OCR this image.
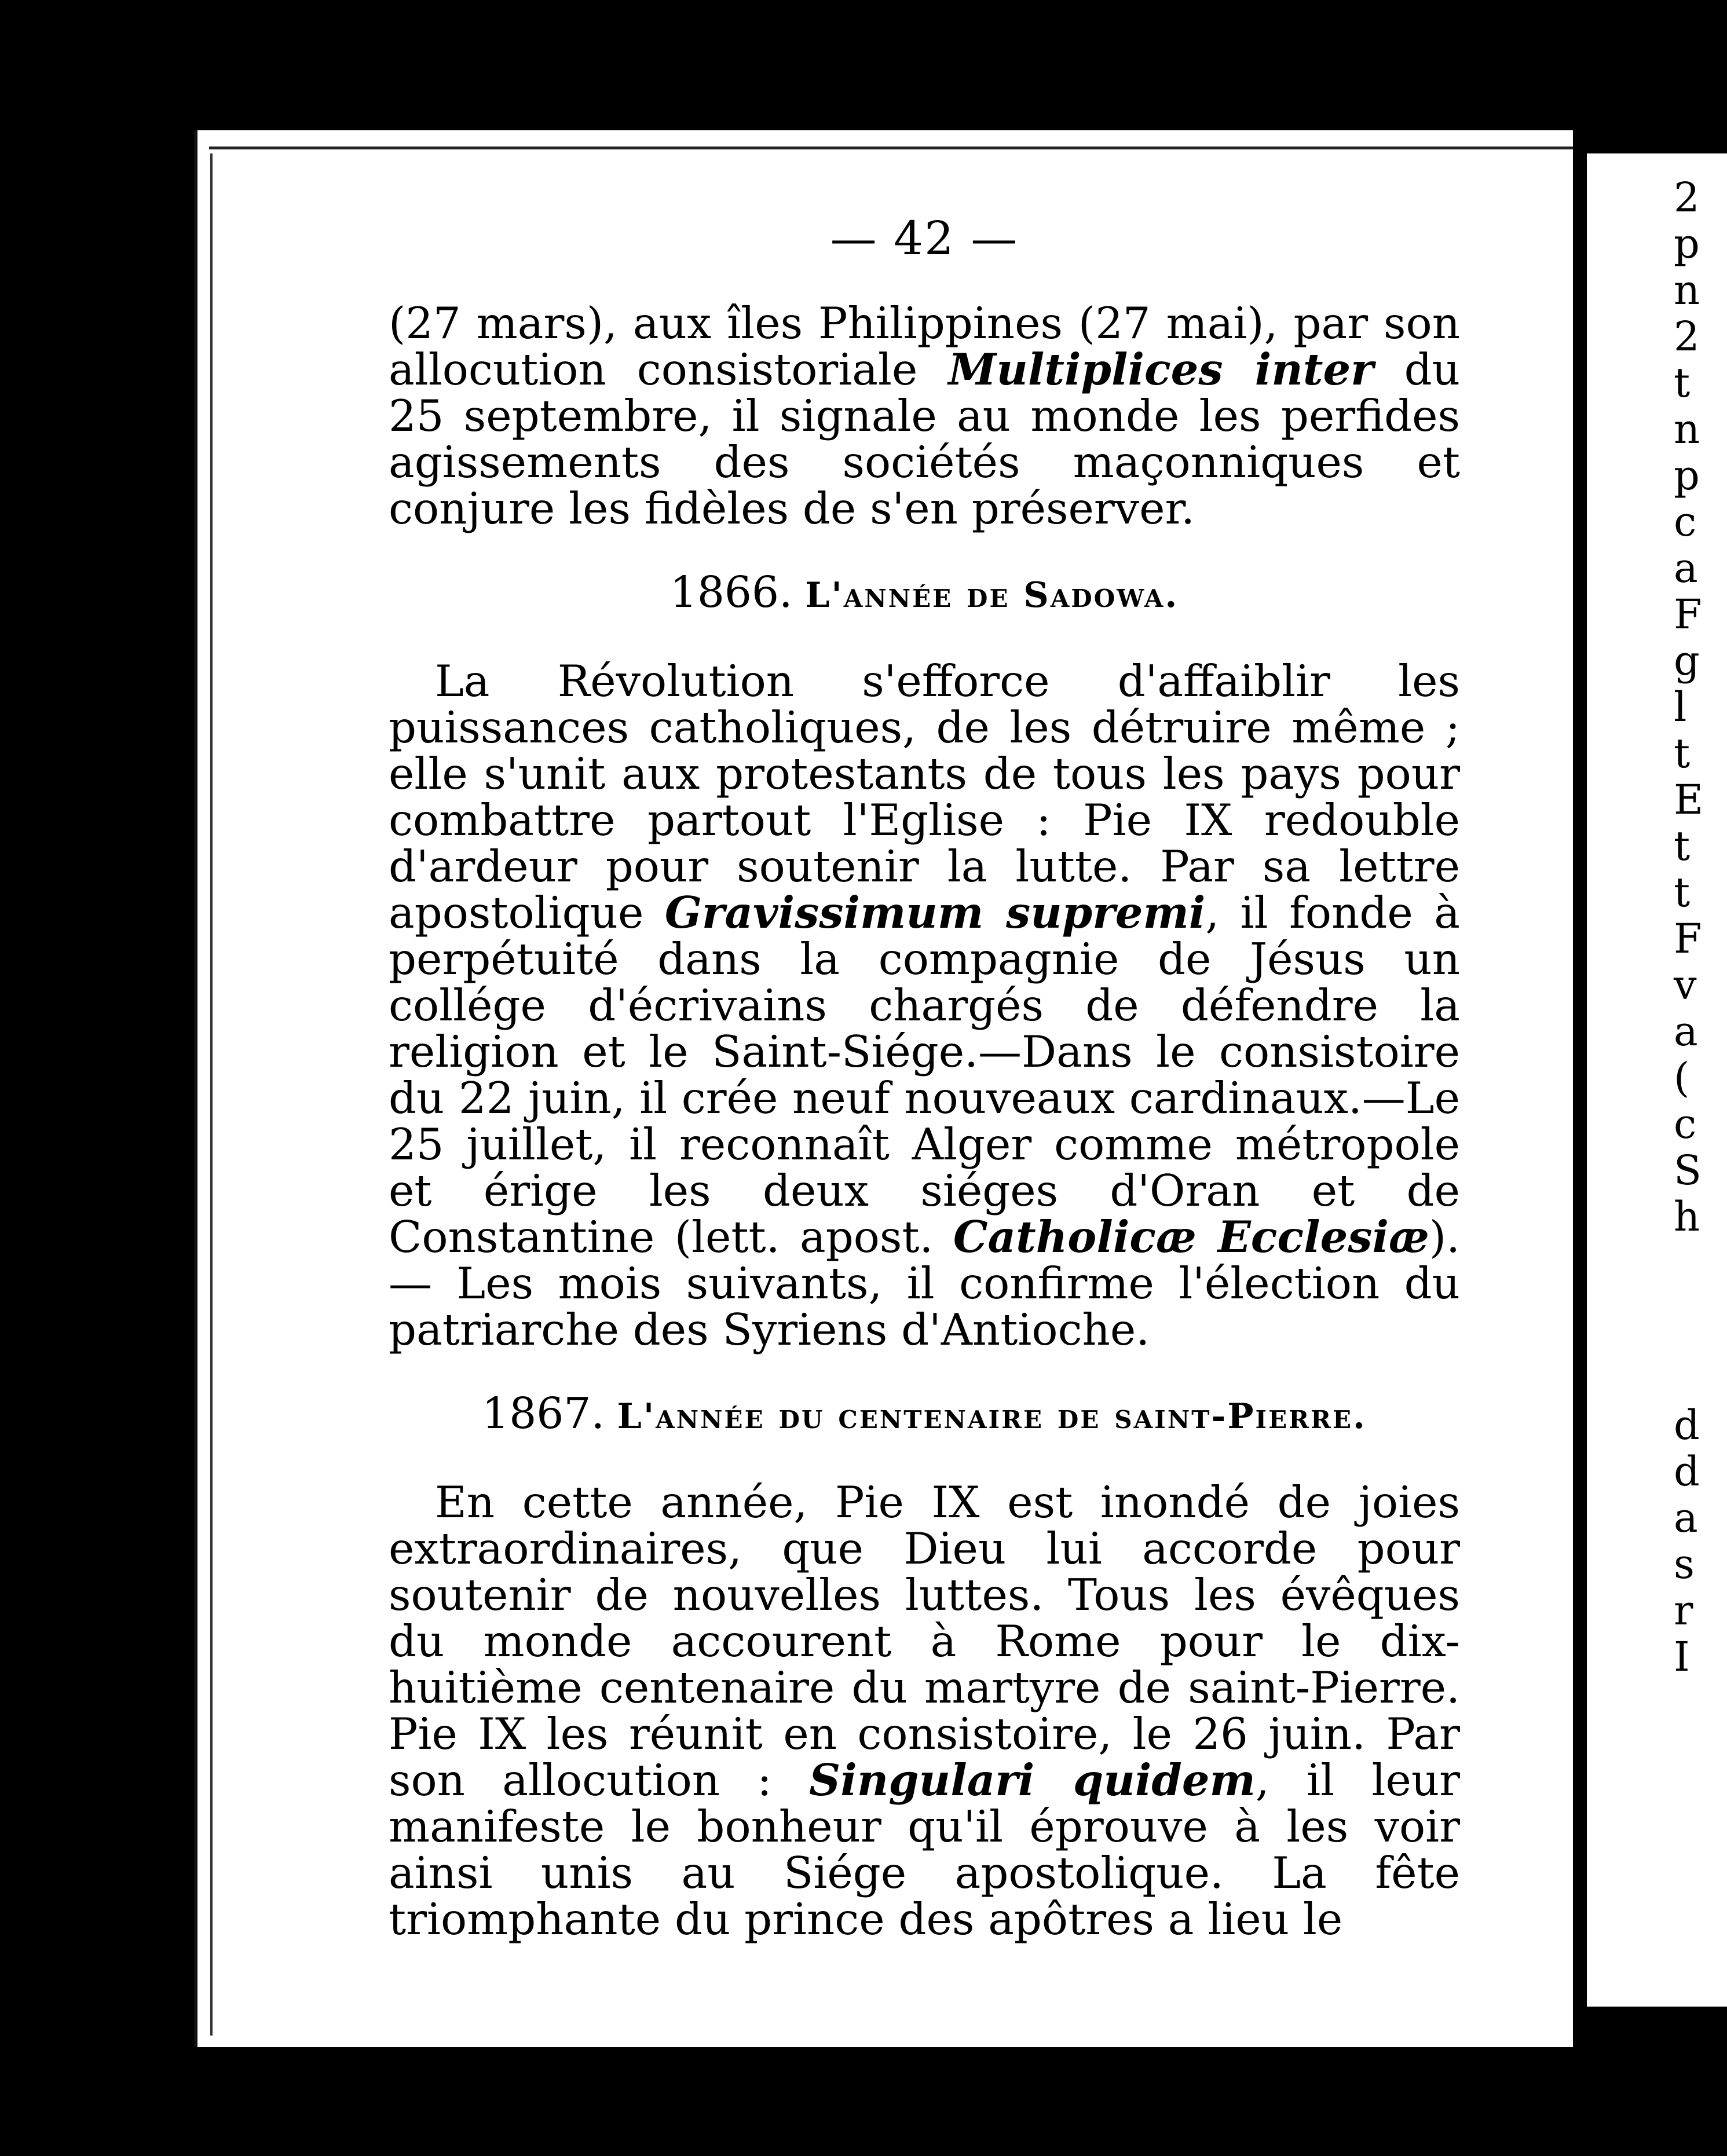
— 42 —

(27 mars), aux îles Philippines (27 mai), par son allocution consistoriale Multiplices inter du 25 septembre, il signale au monde les perfides agissements des sociétés maçonniques et conjure les fidèles de s'en préserver.

1866. L'année de Sadowa.

La Révolution s'efforce d'affaiblir les puissances catholiques, de les détruire même ; elle s'unit aux protestants de tous les pays pour combattre partout l'Eglise : Pie IX redouble d'ardeur pour soutenir la lutte. Par sa lettre apostolique Gravissimum supremi, il fonde à perpétuité dans la compagnie de Jésus un collége d'écrivains chargés de défendre la religion et le Saint-Siége.—Dans le consistoire du 22 juin, il crée neuf nouveaux cardinaux.—Le 25 juillet, il reconnaît Alger comme métropole et érige les deux siéges d'Oran et de Constantine (lett. apost. Catholicæ Ecclesiæ).— Les mois suivants, il confirme l'élection du patriarche des Syriens d'Antioche.

1867. L'année du centenaire de saint-Pierre.

En cette année, Pie IX est inondé de joies extraordinaires, que Dieu lui accorde pour soutenir de nouvelles luttes. Tous les évêques du monde accourent à Rome pour le dix-huitième centenaire du martyre de saint-Pierre. Pie IX les réunit en consistoire, le 26 juin. Par son allocution : Singulari quidem, il leur manifeste le bonheur qu'il éprouve à les voir ainsi unis au Siége apostolique. La fête triomphante du prince des apôtres a lieu le

2
p
n
2
t
n
p
c
a
F
g
l
t
E
t
t
F
v
a
(
c
S
h
d
d
a
s
r
I
